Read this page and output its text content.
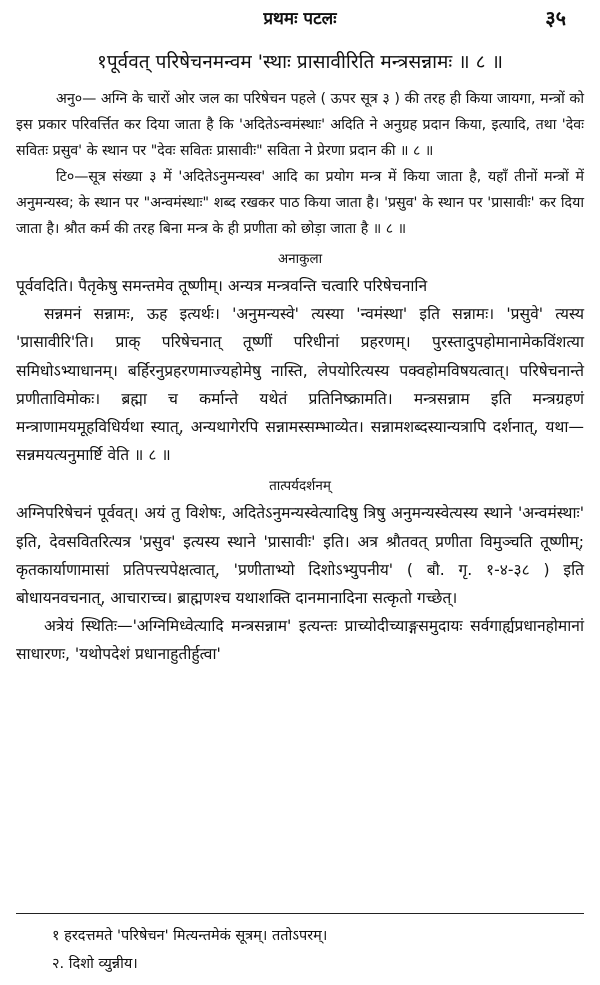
प्रथमः पटलः	३५
१पूर्ववत् परिषेचनमन्वम 'स्थाः प्रासावीरिति मन्त्रसन्नामः ॥ ८ ॥

अनु०— अग्नि के चारों ओर जल का परिषेचन पहले ( ऊपर सूत्र ३ ) की तरह ही किया जायगा, मन्त्रों को इस प्रकार परिवर्त्तित कर दिया जाता है कि 'अदितेऽन्वमंस्थाः' अदिति ने अनुग्रह प्रदान किया, इत्यादि, तथा 'देवः सवितः प्रसुव' के स्थान पर "देवः सवितः प्रासावीः" सविता ने प्रेरणा प्रदान की ॥ ८ ॥

टि०—सूत्र संख्या ३ में 'अदितेऽनुमन्यस्व' आदि का प्रयोग मन्त्र में किया जाता है, यहाँ तीनों मन्त्रों में अनुमन्यस्व; के स्थान पर "अन्वमंस्थाः" शब्द रखकर पाठ किया जाता है। 'प्रसुव' के स्थान पर 'प्रासावीः' कर दिया जाता है। श्रौत कर्म की तरह बिना मन्त्र के ही प्रणीता को छोड़ा जाता है ॥ ८ ॥

अनाकुला

पूर्ववदिति। पैतृकेषु समन्तमेव तूष्णीम्। अन्यत्र मन्त्रवन्ति चत्वारि परिषेचनानि

सन्नमनं सन्नामः, ऊह इत्यर्थः। 'अनुमन्यस्वे' त्यस्या 'न्वमंस्था' इति सन्नामः। 'प्रसुवे' त्यस्य 'प्रासावीरि'ति। प्राक् परिषेचनात् तूष्णीं परिधीनां प्रहरणम्। पुरस्तादुपहोमानामेकविंशत्या समिधोऽभ्याधानम्। बर्हिरनुप्रहरणमाज्यहोमेषु नास्ति, लेपयोरित्यस्य पक्वहोमविषयत्वात्। परिषेचनान्ते प्रणीताविमोकः। ब्रह्मा च कर्मान्ते यथेतं प्रतिनिष्क्रामति। मन्त्रसन्नाम इति मन्त्रग्रहणं मन्त्राणामयमूहविधिर्यथा स्यात्, अन्यथागेरपि सन्नामस्सम्भाव्येत। सन्नामशब्दस्यान्यत्रापि दर्शनात्, यथा—सन्नमयत्यनुमार्ष्टि वेति ॥ ८ ॥

तात्पर्यदर्शनम्

अग्निपरिषेचनं पूर्ववत्। अयं तु विशेषः, अदितेऽनुमन्यस्वेत्यादिषु त्रिषु अनुमन्यस्वेत्यस्य स्थाने 'अन्वमंस्थाः' इति, देवसवितरित्यत्र 'प्रसुव' इत्यस्य स्थाने 'प्रासावीः' इति। अत्र श्रौतवत् प्रणीता विमुञ्चति तूष्णीम्; कृतकार्याणामासां प्रतिपत्त्यपेक्षत्वात्, 'प्रणीताभ्यो दिशोऽभ्युपनीय' ( बौ. गृ. १-४-३८ ) इति बोधायनवचनात्, आचाराच्च। ब्राह्मणश्च यथाशक्ति दानमानादिना सत्कृतो गच्छेत्।

अत्रेयं स्थितिः—'अग्निमिध्वेत्यादि मन्त्रसन्नाम' इत्यन्तः प्राच्योदीच्याङ्गसमुदायः सर्वगार्ह्यप्रधानहोमानां साधारणः, 'यथोपदेशं प्रधानाहुतीर्हुत्वा'

१ हरदत्तमते 'परिषेचन' मित्यन्तमेकं सूत्रम्। ततोऽपरम्।
२. दिशो व्युन्नीय।
